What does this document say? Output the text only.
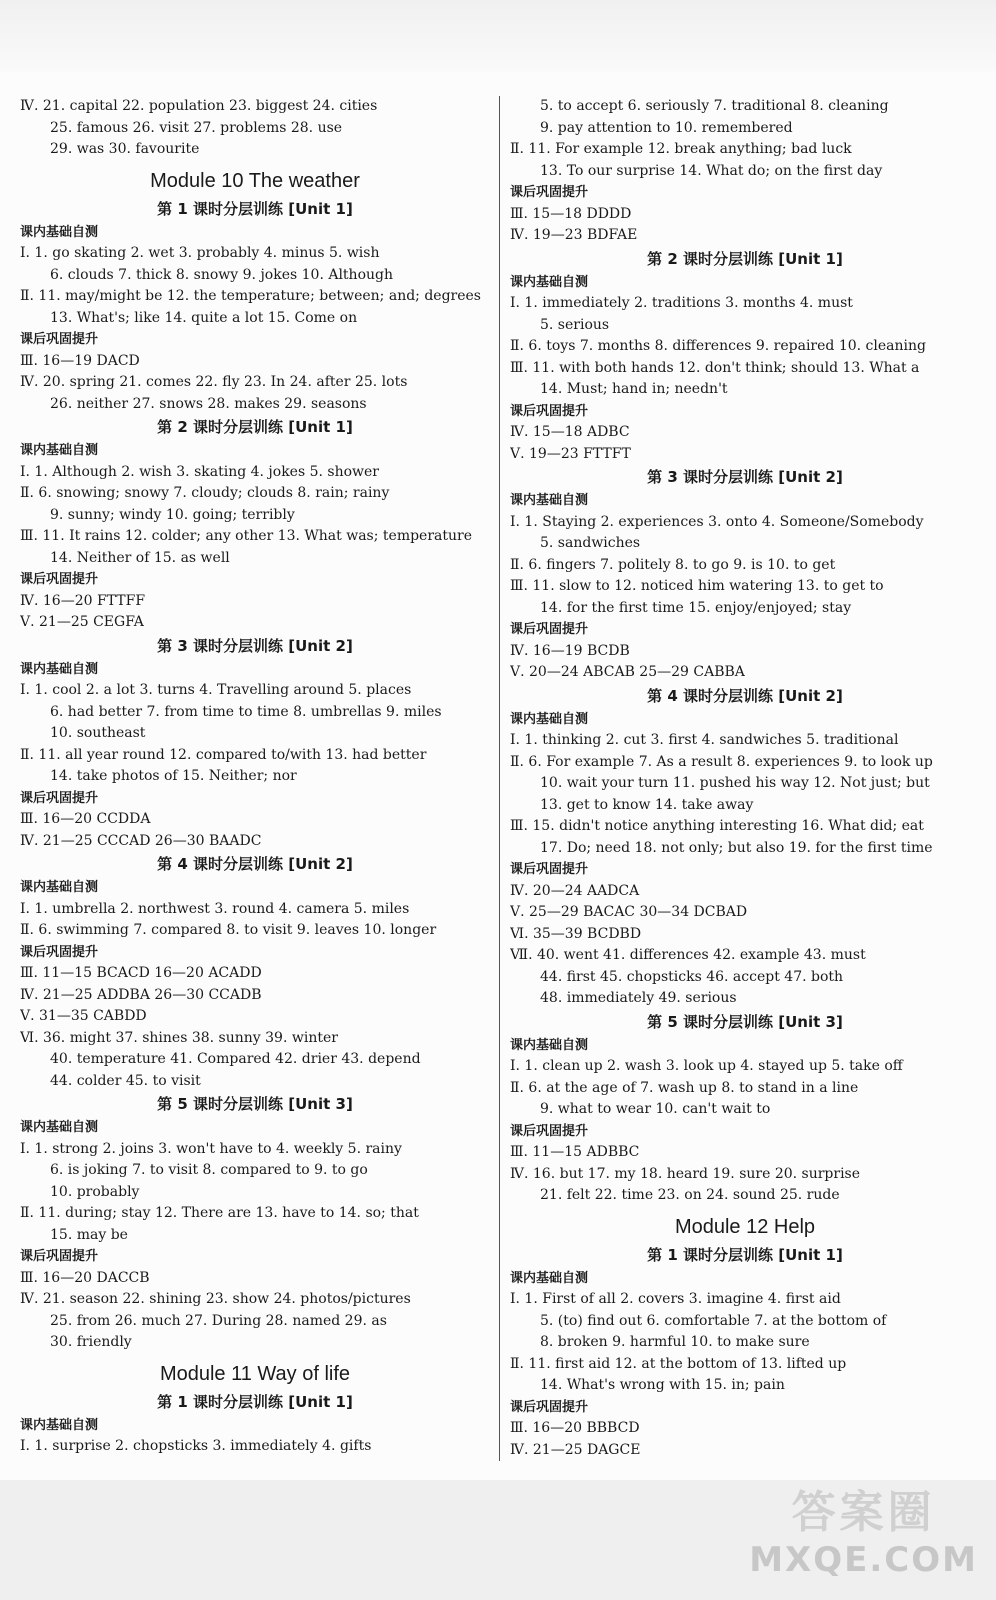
Ⅳ. 21. capital 22. population 23. biggest 24. cities
25. famous 26. visit 27. problems 28. use
29. was 30. favourite
Module 10 The weather
第 1 课时分层训练 [Unit 1]
课内基础自测
Ⅰ. 1. go skating 2. wet 3. probably 4. minus 5. wish
6. clouds 7. thick 8. snowy 9. jokes 10. Although
Ⅱ. 11. may/might be 12. the temperature; between; and; degrees
13. What's; like 14. quite a lot 15. Come on
课后巩固提升
Ⅲ. 16—19 DACD
Ⅳ. 20. spring 21. comes 22. fly 23. In 24. after 25. lots
26. neither 27. snows 28. makes 29. seasons
第 2 课时分层训练 [Unit 1]
课内基础自测
Ⅰ. 1. Although 2. wish 3. skating 4. jokes 5. shower
Ⅱ. 6. snowing; snowy 7. cloudy; clouds 8. rain; rainy
9. sunny; windy 10. going; terribly
Ⅲ. 11. It rains 12. colder; any other 13. What was; temperature
14. Neither of 15. as well
课后巩固提升
Ⅳ. 16—20 FTTFF
Ⅴ. 21—25 CEGFA
第 3 课时分层训练 [Unit 2]
课内基础自测
Ⅰ. 1. cool 2. a lot 3. turns 4. Travelling around 5. places
6. had better 7. from time to time 8. umbrellas 9. miles
10. southeast
Ⅱ. 11. all year round 12. compared to/with 13. had better
14. take photos of 15. Neither; nor
课后巩固提升
Ⅲ. 16—20 CCDDA
Ⅳ. 21—25 CCCAD 26—30 BAADC
第 4 课时分层训练 [Unit 2]
课内基础自测
Ⅰ. 1. umbrella 2. northwest 3. round 4. camera 5. miles
Ⅱ. 6. swimming 7. compared 8. to visit 9. leaves 10. longer
课后巩固提升
Ⅲ. 11—15 BCACD 16—20 ACADD
Ⅳ. 21—25 ADDBA 26—30 CCADB
Ⅴ. 31—35 CABDD
Ⅵ. 36. might 37. shines 38. sunny 39. winter
40. temperature 41. Compared 42. drier 43. depend
44. colder 45. to visit
第 5 课时分层训练 [Unit 3]
课内基础自测
Ⅰ. 1. strong 2. joins 3. won't have to 4. weekly 5. rainy
6. is joking 7. to visit 8. compared to 9. to go
10. probably
Ⅱ. 11. during; stay 12. There are 13. have to 14. so; that
15. may be
课后巩固提升
Ⅲ. 16—20 DACCB
Ⅳ. 21. season 22. shining 23. show 24. photos/pictures
25. from 26. much 27. During 28. named 29. as
30. friendly
Module 11 Way of life
第 1 课时分层训练 [Unit 1]
课内基础自测
Ⅰ. 1. surprise 2. chopsticks 3. immediately 4. gifts
5. to accept 6. seriously 7. traditional 8. cleaning
9. pay attention to 10. remembered
Ⅱ. 11. For example 12. break anything; bad luck
13. To our surprise 14. What do; on the first day
课后巩固提升
Ⅲ. 15—18 DDDD
Ⅳ. 19—23 BDFAE
第 2 课时分层训练 [Unit 1]
课内基础自测
Ⅰ. 1. immediately 2. traditions 3. months 4. must
5. serious
Ⅱ. 6. toys 7. months 8. differences 9. repaired 10. cleaning
Ⅲ. 11. with both hands 12. don't think; should 13. What a
14. Must; hand in; needn't
课后巩固提升
Ⅳ. 15—18 ADBC
Ⅴ. 19—23 FTTFT
第 3 课时分层训练 [Unit 2]
课内基础自测
Ⅰ. 1. Staying 2. experiences 3. onto 4. Someone/Somebody
5. sandwiches
Ⅱ. 6. fingers 7. politely 8. to go 9. is 10. to get
Ⅲ. 11. slow to 12. noticed him watering 13. to get to
14. for the first time 15. enjoy/enjoyed; stay
课后巩固提升
Ⅳ. 16—19 BCDB
Ⅴ. 20—24 ABCAB 25—29 CABBA
第 4 课时分层训练 [Unit 2]
课内基础自测
Ⅰ. 1. thinking 2. cut 3. first 4. sandwiches 5. traditional
Ⅱ. 6. For example 7. As a result 8. experiences 9. to look up
10. wait your turn 11. pushed his way 12. Not just; but
13. get to know 14. take away
Ⅲ. 15. didn't notice anything interesting 16. What did; eat
17. Do; need 18. not only; but also 19. for the first time
课后巩固提升
Ⅳ. 20—24 AADCA
Ⅴ. 25—29 BACAC 30—34 DCBAD
Ⅵ. 35—39 BCDBD
Ⅶ. 40. went 41. differences 42. example 43. must
44. first 45. chopsticks 46. accept 47. both
48. immediately 49. serious
第 5 课时分层训练 [Unit 3]
课内基础自测
Ⅰ. 1. clean up 2. wash 3. look up 4. stayed up 5. take off
Ⅱ. 6. at the age of 7. wash up 8. to stand in a line
9. what to wear 10. can't wait to
课后巩固提升
Ⅲ. 11—15 ADBBC
Ⅳ. 16. but 17. my 18. heard 19. sure 20. surprise
21. felt 22. time 23. on 24. sound 25. rude
Module 12 Help
第 1 课时分层训练 [Unit 1]
课内基础自测
Ⅰ. 1. First of all 2. covers 3. imagine 4. first aid
5. (to) find out 6. comfortable 7. at the bottom of
8. broken 9. harmful 10. to make sure
Ⅱ. 11. first aid 12. at the bottom of 13. lifted up
14. What's wrong with 15. in; pain
课后巩固提升
Ⅲ. 16—20 BBBCD
Ⅳ. 21—25 DAGCE
答案圈
MXQE.COM
